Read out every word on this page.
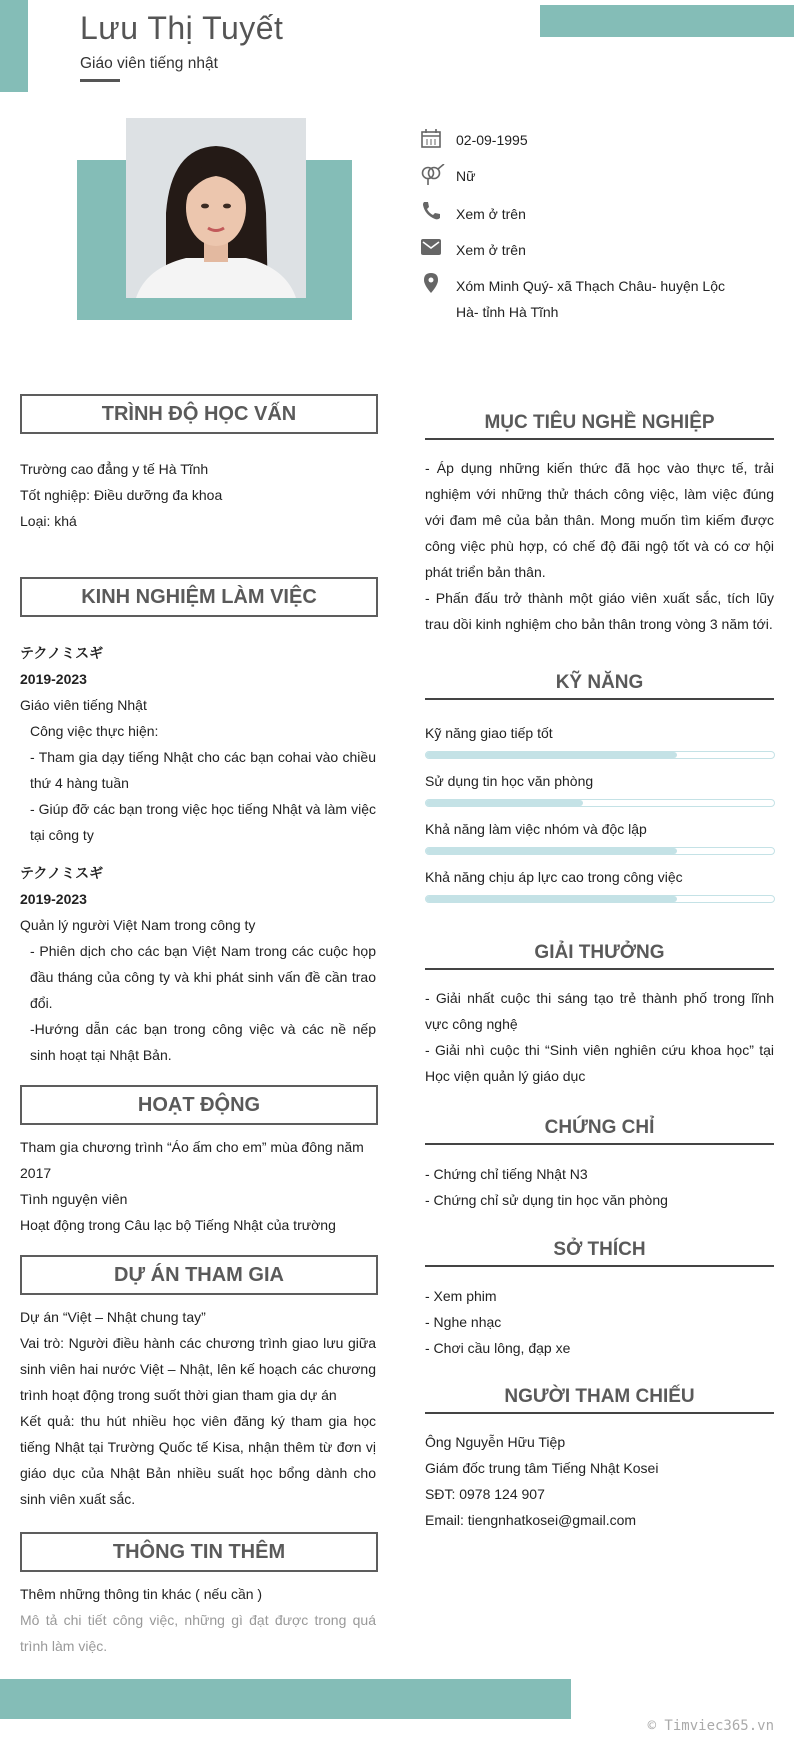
Lưu Thị Tuyết
Giáo viên tiếng nhật
02-09-1995
Nữ
Xem ở trên
Xem ở trên
Xóm Minh Quý- xã Thạch Châu- huyện Lộc Hà- tỉnh Hà Tĩnh
TRÌNH ĐỘ HỌC VẤN
Trường cao đẳng y tế Hà Tĩnh
Tốt nghiệp: Điều dưỡng đa khoa
Loại: khá
KINH NGHIỆM LÀM VIỆC
テクノミスギ
2019-2023
Giáo viên tiếng Nhật
Công việc thực hiện:
- Tham gia dạy tiếng Nhật cho các bạn cohai vào chiều thứ 4 hàng tuần
- Giúp đỡ các bạn trong việc học tiếng Nhật và làm việc tại công ty
テクノミスギ
2019-2023
Quản lý người Việt Nam trong công ty
- Phiên dịch cho các bạn Việt Nam trong các cuộc họp đầu tháng của công ty và khi phát sinh vấn đề cần trao đổi.
-Hướng dẫn các bạn trong công việc và các nề nếp sinh hoạt tại Nhật Bản.
HOẠT ĐỘNG
Tham gia chương trình “Áo ấm cho em” mùa đông năm 2017
Tình nguyện viên
Hoạt động trong Câu lạc bộ Tiếng Nhật của trường
DỰ ÁN THAM GIA
Dự án “Việt – Nhật chung tay”
Vai trò: Người điều hành các chương trình giao lưu giữa sinh viên hai nước Việt – Nhật, lên kế hoạch các chương trình hoạt động trong suốt thời gian tham gia dự án
Kết quả: thu hút nhiều học viên đăng ký tham gia học tiếng Nhật tại Trường Quốc tế Kisa, nhận thêm từ đơn vị giáo dục của Nhật Bản nhiều suất học bổng dành cho sinh viên xuất sắc.
THÔNG TIN THÊM
Thêm những thông tin khác ( nếu cần )
Mô tả chi tiết công việc, những gì đạt được trong quá trình làm việc.
MỤC TIÊU NGHỀ NGHIỆP
- Áp dụng những kiến thức đã học vào thực tế, trải nghiệm với những thử thách công việc, làm việc đúng với đam mê của bản thân. Mong muốn tìm kiếm được công việc phù hợp, có chế độ đãi ngộ tốt và có cơ hội phát triển bản thân.
- Phấn đấu trở thành một giáo viên xuất sắc, tích lũy trau dồi kinh nghiệm cho bản thân trong vòng 3 năm tới.
KỸ NĂNG
Kỹ năng giao tiếp tốt
Sử dụng tin học văn phòng
Khả năng làm việc nhóm và độc lập
Khả năng chịu áp lực cao trong công việc
GIẢI THƯỞNG
- Giải nhất cuộc thi sáng tạo trẻ thành phố trong lĩnh vực công nghệ
- Giải nhì cuộc thi “Sinh viên nghiên cứu khoa học” tại Học viện quản lý giáo dục
CHỨNG CHỈ
- Chứng chỉ tiếng Nhật N3
- Chứng chỉ sử dụng tin học văn phòng
SỞ THÍCH
- Xem phim
- Nghe nhạc
- Chơi cầu lông, đạp xe
NGƯỜI THAM CHIẾU
Ông Nguyễn Hữu Tiệp
Giám đốc trung tâm Tiếng Nhật Kosei
SĐT: 0978 124 907
Email: tiengnhatkosei@gmail.com
© Timviec365.vn
